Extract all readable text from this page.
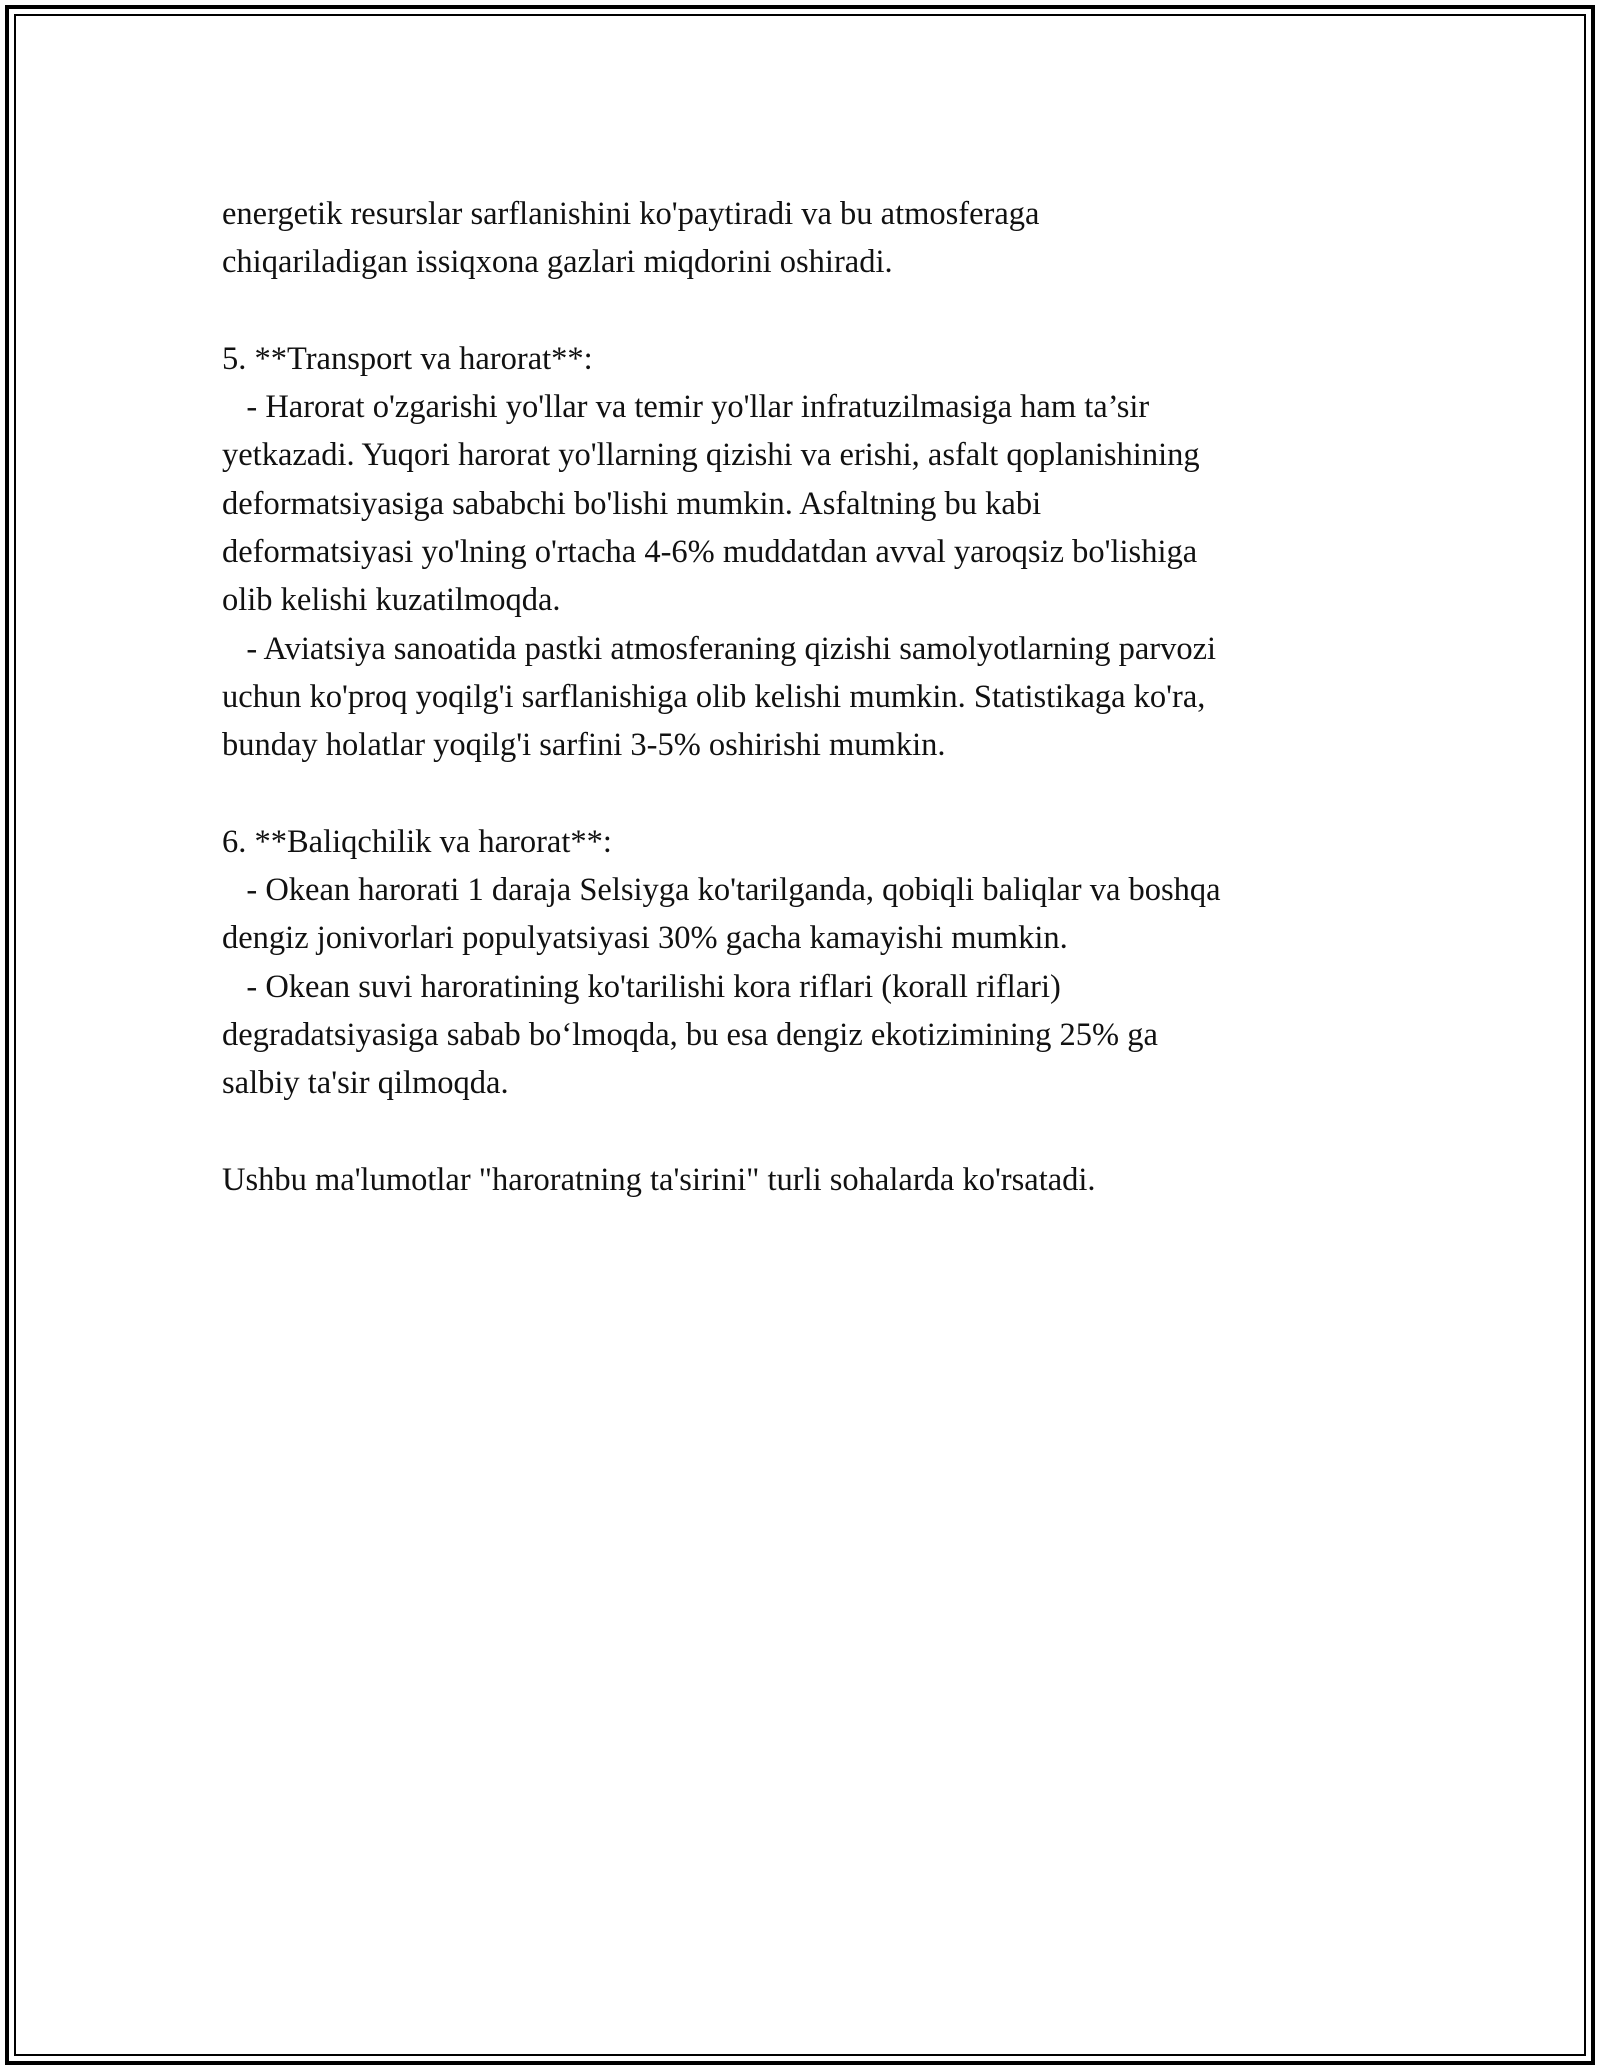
energetik resurslar sarflanishini ko'paytiradi va bu atmosferaga

chiqariladigan issiqxona gazlari miqdorini oshiradi.

5. **Transport va harorat**:

- Harorat o'zgarishi yo'llar va temir yo'llar infratuzilmasiga ham ta’sir

yetkazadi. Yuqori harorat yo'llarning qizishi va erishi, asfalt qoplanishining

deformatsiyasiga sababchi bo'lishi mumkin. Asfaltning bu kabi

deformatsiyasi yo'lning o'rtacha 4-6% muddatdan avval yaroqsiz bo'lishiga

olib kelishi kuzatilmoqda.

- Aviatsiya sanoatida pastki atmosferaning qizishi samolyotlarning parvozi

uchun ko'proq yoqilg'i sarflanishiga olib kelishi mumkin. Statistikaga ko'ra,

bunday holatlar yoqilg'i sarfini 3-5% oshirishi mumkin.

6. **Baliqchilik va harorat**:

- Okean harorati 1 daraja Selsiyga ko'tarilganda, qobiqli baliqlar va boshqa

dengiz jonivorlari populyatsiyasi 30% gacha kamayishi mumkin.

- Okean suvi haroratining ko'tarilishi kora riflari (korall riflari)

degradatsiyasiga sabab bo‘lmoqda, bu esa dengiz ekotizimining 25% ga

salbiy ta'sir qilmoqda.

Ushbu ma'lumotlar "haroratning ta'sirini" turli sohalarda ko'rsatadi.
